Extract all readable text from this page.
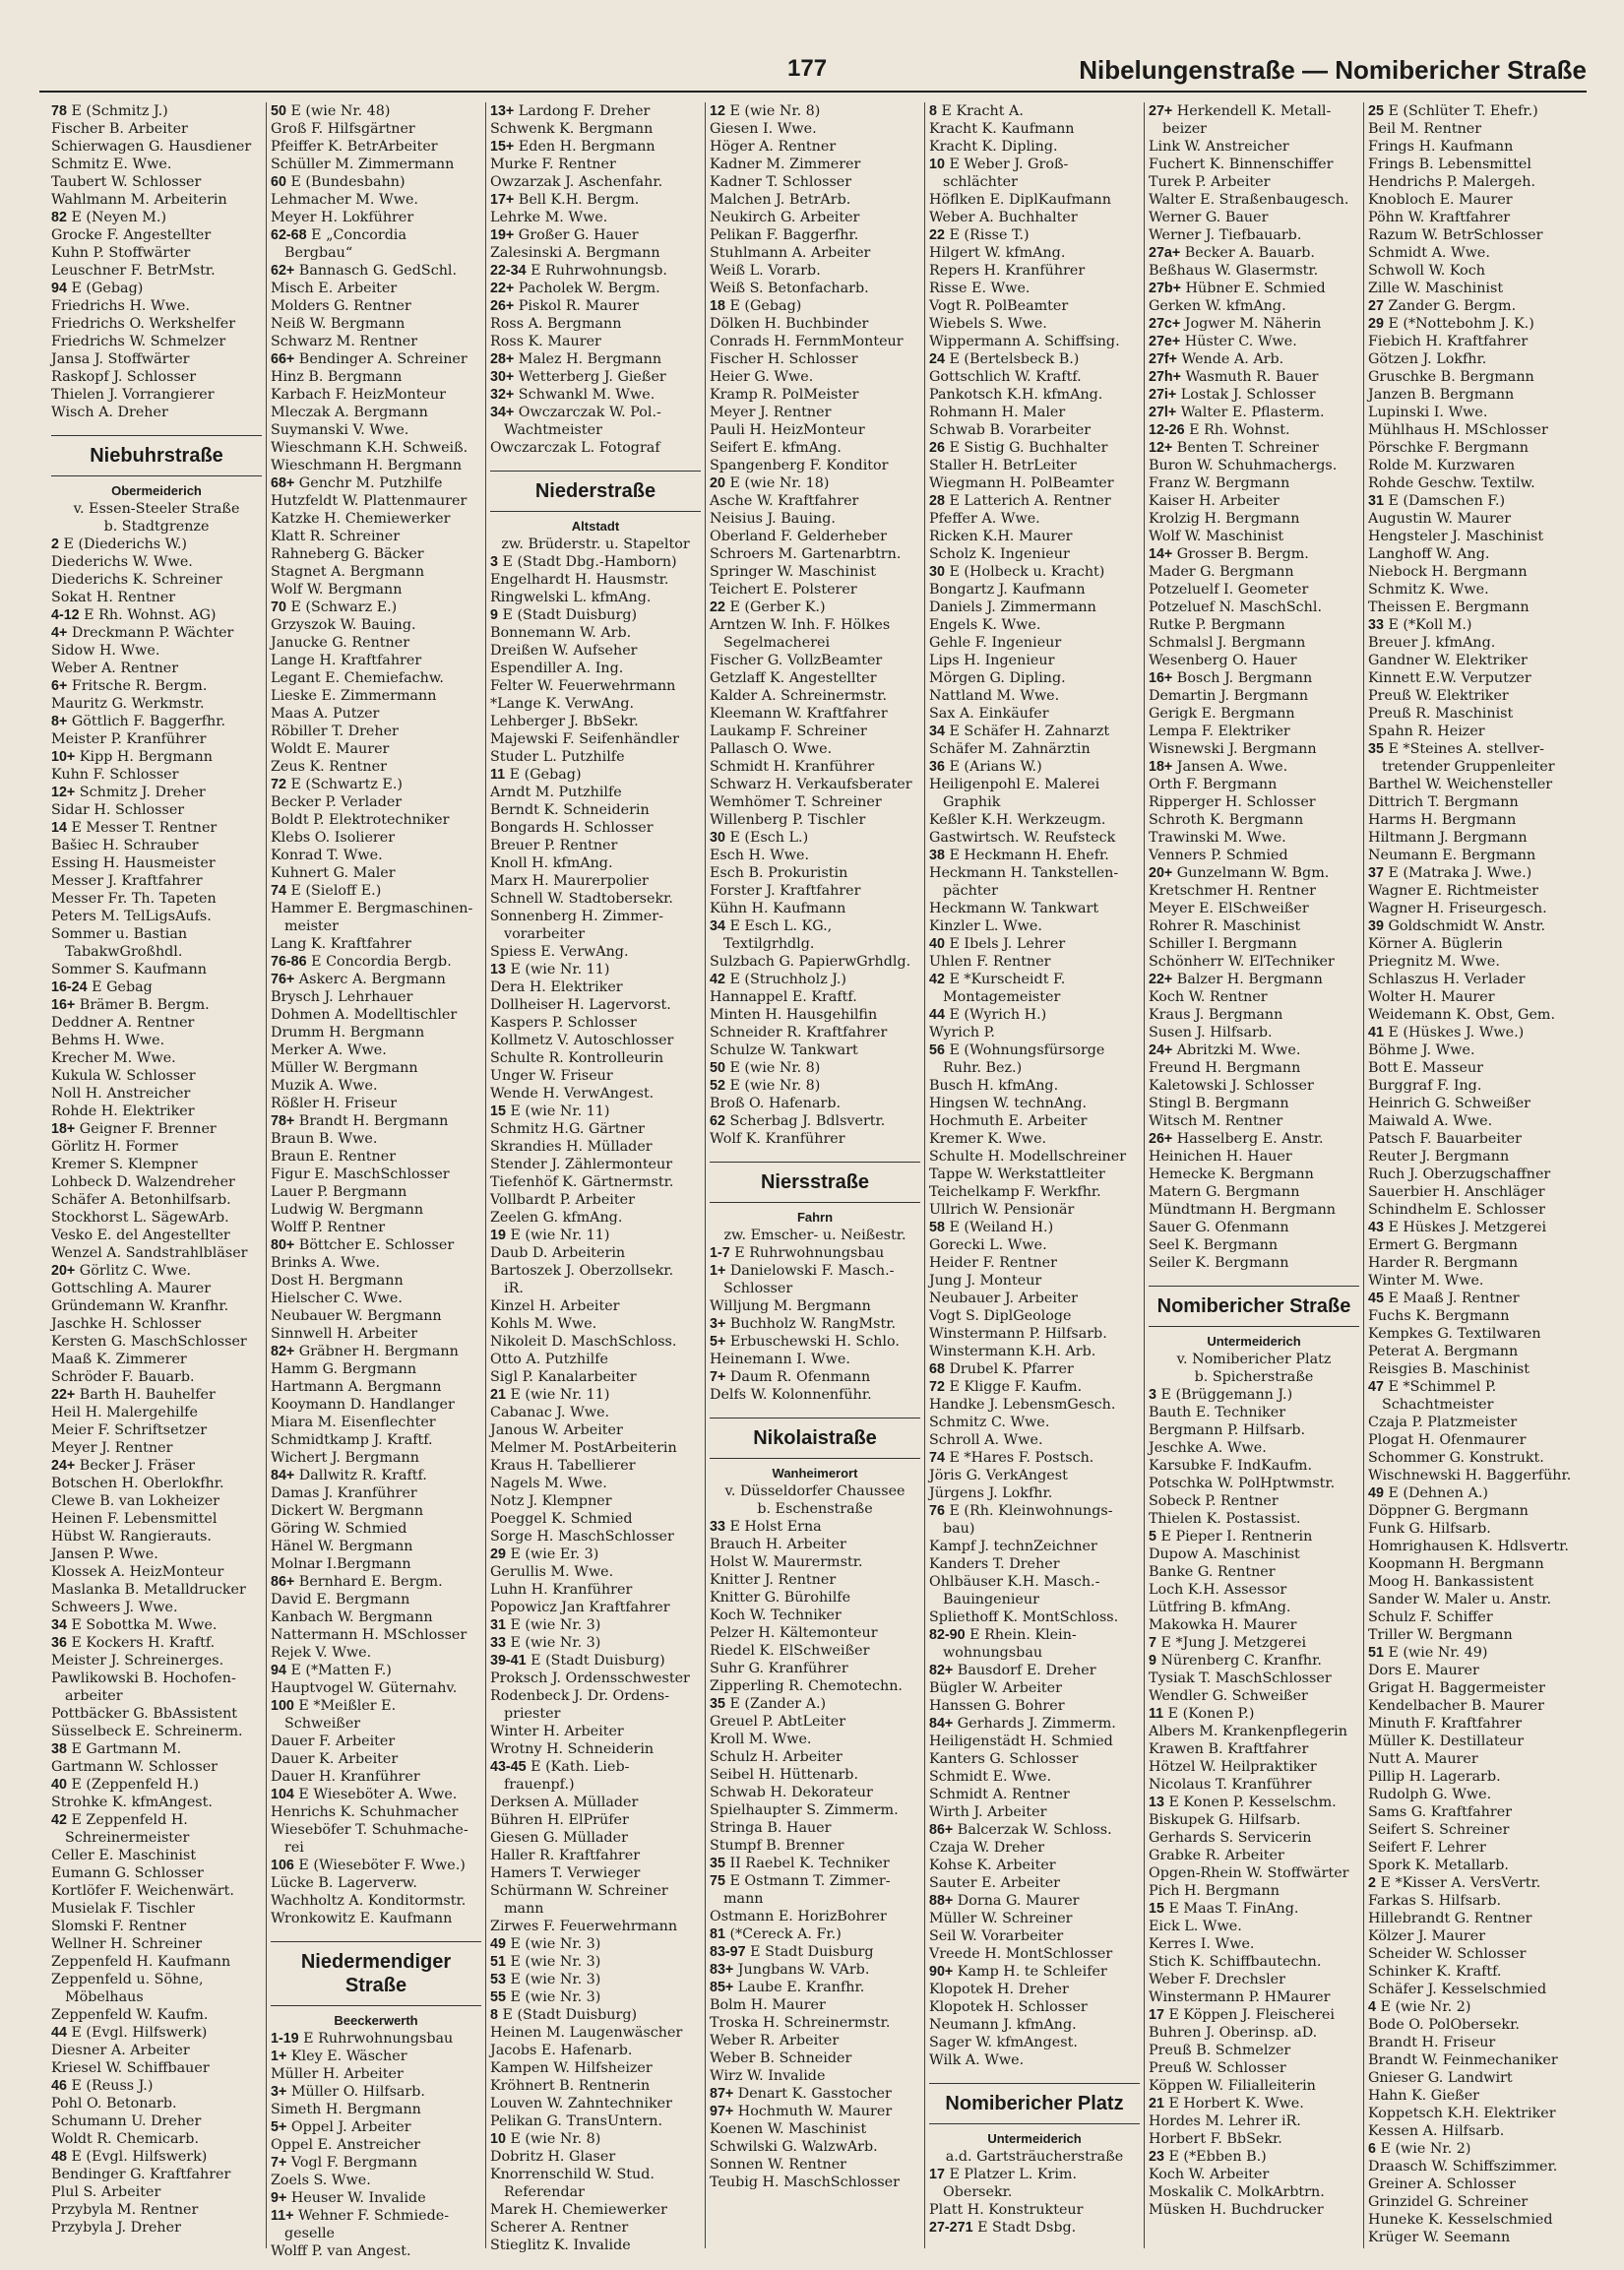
177	Nibelungenstraße — Nomibericher Straße
78 E (Schmitz J.)
Fischer B. Arbeiter
Schierwagen G. Hausdiener
Schmitz E. Wwe.
Taubert W. Schlosser
Wahlmann M. Arbeiterin
82 E (Neyen M.)
Grocke F. Angestellter
Kuhn P. Stoffwärter
Leuschner F. BetrMstr.
94 E (Gebag)
Friedrichs H. Wwe.
Friedrichs O. Werkshelfer
Friedrichs W. Schmelzer
Jansa J. Stoffwärter
Raskopf J. Schlosser
Thielen J. Vorrangierer
Wisch A. Dreher
Niebuhrstraße
Obermeiderich
v. Essen-Steeler Straße
b. Stadtgrenze
2 E (Diederichs W.)
Diederichs W. Wwe.
Diederichs K. Schreiner
Sokat H. Rentner
4-12 E Rh. Wohnst. AG)
4+ Dreckmann P. Wächter
Sidow H. Wwe.
Weber A. Rentner
6+ Fritsche R. Bergm.
Mauritz G. Werkmstr.
8+ Göttlich F. Baggerfhr.
Meister P. Kranführer
10+ Kipp H. Bergmann
Kuhn F. Schlosser
12+ Schmitz J. Dreher
Sidar H. Schlosser
14 E Messer T. Rentner
Bašiec H. Schrauber
Essing H. Hausmeister
Messer J. Kraftfahrer
Messer Fr. Th. Tapeten
Peters M. TelLigsAufs.
Sommer u. Bastian
TabakwGroßhdl.
Sommer S. Kaufmann
16-24 E Gebag
16+ Brämer B. Bergm.
Deddner A. Rentner
Behms H. Wwe.
Krecher M. Wwe.
Kukula W. Schlosser
Noll H. Anstreicher
Rohde H. Elektriker
18+ Geigner F. Brenner
Görlitz H. Former
Kremer S. Klempner
Lohbeck D. Walzendreher
Schäfer A. Betonhilfsarb.
Stockhorst L. SägewArb.
Vesko E. del Angestellter
Wenzel A. Sandstrahlbläser
20+ Görlitz C. Wwe.
Gottschling A. Maurer
Gründemann W. Kranfhr.
Jaschke H. Schlosser
Kersten G. MaschSchlosser
Maaß K. Zimmerer
Schröder F. Bauarb.
22+ Barth H. Bauhelfer
Heil H. Malergehilfe
Meier F. Schriftsetzer
Meyer J. Rentner
24+ Becker J. Fräser
Botschen H. Oberlokfhr.
Clewe B. van Lokheizer
Heinen F. Lebensmittel
Hübst W. Rangierauts.
Jansen P. Wwe.
Klossek A. HeizMonteur
Maslanka B. Metalldrucker
Schweers J. Wwe.
34 E Sobottka M. Wwe.
36 E Kockers H. Kraftf.
Meister J. Schreinerges.
Pawlikowski B. Hochofen-
arbeiter
Pottbäcker G. BbAssistent
Süsselbeck E. Schreinerm.
38 E Gartmann M.
Gartmann W. Schlosser
40 E (Zeppenfeld H.)
Strohke K. kfmAngest.
42 E Zeppenfeld H.
Schreinermeister
Celler E. Maschinist
Eumann G. Schlosser
Kortlöfer F. Weichenwärt.
Musielak F. Tischler
Slomski F. Rentner
Wellner H. Schreiner
Zeppenfeld H. Kaufmann
Zeppenfeld u. Söhne,
Möbelhaus
Zeppenfeld W. Kaufm.
44 E (Evgl. Hilfswerk)
Diesner A. Arbeiter
Kriesel W. Schiffbauer
46 E (Reuss J.)
Pohl O. Betonarb.
Schumann U. Dreher
Woldt R. Chemicarb.
48 E (Evgl. Hilfswerk)
Bendinger G. Kraftfahrer
Plul S. Arbeiter
Przybyla M. Rentner
Przybyla J. Dreher
50 E (wie Nr. 48)
Groß F. Hilfsgärtner
Pfeiffer K. BetrArbeiter
Schüller M. Zimmermann
60 E (Bundesbahn)
Lehmacher M. Wwe.
Meyer H. Lokführer
62-68 E „Concordia
Bergbau“
62+ Bannasch G. GedSchl.
Misch E. Arbeiter
Molders G. Rentner
Neiß W. Bergmann
Schwarz M. Rentner
66+ Bendinger A. Schreiner
Hinz B. Bergmann
Karbach F. HeizMonteur
Mleczak A. Bergmann
Suymanski V. Wwe.
Wieschmann K.H. Schweiß.
Wieschmann H. Bergmann
68+ Genchr M. Putzhilfe
Hutzfeldt W. Plattenmaurer
Katzke H. Chemiewerker
Klatt R. Schreiner
Rahneberg G. Bäcker
Stagnet A. Bergmann
Wolf W. Bergmann
70 E (Schwarz E.)
Grzyszok W. Bauing.
Janucke G. Rentner
Lange H. Kraftfahrer
Legant E. Chemiefachw.
Lieske E. Zimmermann
Maas A. Putzer
Röbiller T. Dreher
Woldt E. Maurer
Zeus K. Rentner
72 E (Schwartz E.)
Becker P. Verlader
Boldt P. Elektrotechniker
Klebs O. Isolierer
Konrad T. Wwe.
Kuhnert G. Maler
74 E (Sieloff E.)
Hammer E. Bergmaschinen-
meister
Lang K. Kraftfahrer
76-86 E Concordia Bergb.
76+ Askerc A. Bergmann
Brysch J. Lehrhauer
Dohmen A. Modelltischler
Drumm H. Bergmann
Merker A. Wwe.
Müller W. Bergmann
Muzik A. Wwe.
Rößler H. Friseur
78+ Brandt H. Bergmann
Braun B. Wwe.
Braun E. Rentner
Figur E. MaschSchlosser
Lauer P. Bergmann
Ludwig W. Bergmann
Wolff P. Rentner
80+ Böttcher E. Schlosser
Brinks A. Wwe.
Dost H. Bergmann
Hielscher C. Wwe.
Neubauer W. Bergmann
Sinnwell H. Arbeiter
82+ Gräbner H. Bergmann
Hamm G. Bergmann
Hartmann A. Bergmann
Kooymann D. Handlanger
Miara M. Eisenflechter
Schmidtkamp J. Kraftf.
Wichert J. Bergmann
84+ Dallwitz R. Kraftf.
Damas J. Kranführer
Dickert W. Bergmann
Göring W. Schmied
Hänel W. Bergmann
Molnar I.Bergmann
86+ Bernhard E. Bergm.
David E. Bergmann
Kanbach W. Bergmann
Nattermann H. MSchlosser
Rejek V. Wwe.
94 E (*Matten F.)
Hauptvogel W. Güternahv.
100 E *Meißler E.
Schweißer
Dauer F. Arbeiter
Dauer K. Arbeiter
Dauer H. Kranführer
104 E Wieseböter A. Wwe.
Henrichs K. Schuhmacher
Wieseböfer T. Schuhmache-
rei
106 E (Wieseböter F. Wwe.)
Lücke B. Lagerverw.
Wachholtz A. Konditormstr.
Wronkowitz E. Kaufmann
Niedermendiger Straße
Beeckerwerth
1-19 E Ruhrwohnungsbau
1+ Kley E. Wäscher
Müller H. Arbeiter
3+ Müller O. Hilfsarb.
Simeth H. Bergmann
5+ Oppel J. Arbeiter
Oppel E. Anstreicher
7+ Vogl F. Bergmann
Zoels S. Wwe.
9+ Heuser W. Invalide
11+ Wehner F. Schmiede-
geselle
Wolff P. van Angest.
13+ Lardong F. Dreher
Schwenk K. Bergmann
15+ Eden H. Bergmann
Murke F. Rentner
Owzarzak J. Aschenfahr.
17+ Bell K.H. Bergm.
Lehrke M. Wwe.
19+ Großer G. Hauer
Zalesinski A. Bergmann
22-34 E Ruhrwohnungsb.
22+ Pacholek W. Bergm.
26+ Piskol R. Maurer
Ross A. Bergmann
Ross K. Maurer
28+ Malez H. Bergmann
30+ Wetterberg J. Gießer
32+ Schwankl M. Wwe.
34+ Owczarczak W. Pol.-
Wachtmeister
Owczarczak L. Fotograf
Niederstraße
Altstadt
zw. Brüderstr. u. Stapeltor
3 E (Stadt Dbg.-Hamborn)
Engelhardt H. Hausmstr.
Ringwelski L. kfmAng.
9 E (Stadt Duisburg)
Bonnemann W. Arb.
Dreißen W. Aufseher
Espendiller A. Ing.
Felter W. Feuerwehrmann
*Lange K. VerwAng.
Lehberger J. BbSekr.
Majewski F. Seifenhändler
Studer L. Putzhilfe
11 E (Gebag)
Arndt M. Putzhilfe
Berndt K. Schneiderin
Bongards H. Schlosser
Breuer P. Rentner
Knoll H. kfmAng.
Marx H. Maurerpolier
Schnell W. Stadtobersekr.
Sonnenberg H. Zimmer-
vorarbeiter
Spiess E. VerwAng.
13 E (wie Nr. 11)
Dera H. Elektriker
Dollheiser H. Lagervorst.
Kaspers P. Schlosser
Kollmetz V. Autoschlosser
Schulte R. Kontrolleurin
Unger W. Friseur
Wende H. VerwAngest.
15 E (wie Nr. 11)
Schmitz H.G. Gärtner
Skrandies H. Müllader
Stender J. Zählermonteur
Tiefenhöf K. Gärtnermstr.
Vollbardt P. Arbeiter
Zeelen G. kfmAng.
19 E (wie Nr. 11)
Daub D. Arbeiterin
Bartoszek J. Oberzollsekr.
iR.
Kinzel H. Arbeiter
Kohls M. Wwe.
Nikoleit D. MaschSchloss.
Otto A. Putzhilfe
Sigl P. Kanalarbeiter
21 E (wie Nr. 11)
Cabanac J. Wwe.
Janous W. Arbeiter
Melmer M. PostArbeiterin
Kraus H. Tabellierer
Nagels M. Wwe.
Notz J. Klempner
Poeggel K. Schmied
Sorge H. MaschSchlosser
29 E (wie Er. 3)
Gerullis M. Wwe.
Luhn H. Kranführer
Popowicz Jan Kraftfahrer
31 E (wie Nr. 3)
33 E (wie Nr. 3)
39-41 E (Stadt Duisburg)
Proksch J. Ordensschwester
Rodenbeck J. Dr. Ordens-
priester
Winter H. Arbeiter
Wrotny H. Schneiderin
43-45 E (Kath. Lieb-
frauenpf.)
Derksen A. Müllader
Bühren H. ElPrüfer
Giesen G. Müllader
Haller R. Kraftfahrer
Hamers T. Verwieger
Schürmann W. Schreiner
mann
Zirwes F. Feuerwehrmann
49 E (wie Nr. 3)
51 E (wie Nr. 3)
53 E (wie Nr. 3)
55 E (wie Nr. 3)
8 E (Stadt Duisburg)
Heinen M. Laugenwäscher
Jacobs E. Hafenarb.
Kampen W. Hilfsheizer
Kröhnert B. Rentnerin
Louven W. Zahntechniker
Pelikan G. TransUntern.
10 E (wie Nr. 8)
Dobritz H. Glaser
Knorrenschild W. Stud.
Referendar
Marek H. Chemiewerker
Scherer A. Rentner
Stieglitz K. Invalide
12 E (wie Nr. 8)
Giesen I. Wwe.
Höger A. Rentner
Kadner M. Zimmerer
Kadner T. Schlosser
Malchen J. BetrArb.
Neukirch G. Arbeiter
Pelikan F. Baggerfhr.
Stuhlmann A. Arbeiter
Weiß L. Vorarb.
Weiß S. Betonfacharb.
18 E (Gebag)
Dölken H. Buchbinder
Conrads H. FernmMonteur
Fischer H. Schlosser
Heier G. Wwe.
Kramp R. PolMeister
Meyer J. Rentner
Pauli H. HeizMonteur
Seifert E. kfmAng.
Spangenberg F. Konditor
20 E (wie Nr. 18)
Asche W. Kraftfahrer
Neisius J. Bauing.
Oberland F. Gelderheber
Schroers M. Gartenarbtrn.
Springer W. Maschinist
Teichert E. Polsterer
22 E (Gerber K.)
Arntzen W. Inh. F. Hölkes
Segelmacherei
Fischer G. VollzBeamter
Getzlaff K. Angestellter
Kalder A. Schreinermstr.
Kleemann W. Kraftfahrer
Laukamp F. Schreiner
Pallasch O. Wwe.
Schmidt H. Kranführer
Schwarz H. Verkaufsberater
Wemhömer T. Schreiner
Willenberg P. Tischler
30 E (Esch L.)
Esch H. Wwe.
Esch B. Prokuristin
Forster J. Kraftfahrer
Kühn H. Kaufmann
34 E Esch L. KG.,
Textilgrhdlg.
Sulzbach G. PapierwGrhdlg.
42 E (Struchholz J.)
Hannappel E. Kraftf.
Minten H. Hausgehilfin
Schneider R. Kraftfahrer
Schulze W. Tankwart
50 E (wie Nr. 8)
52 E (wie Nr. 8)
Broß O. Hafenarb.
62 Scherbag J. Bdlsvertr.
Wolf K. Kranführer
Niersstraße
Fahrn
zw. Emscher- u. Neißestr.
1-7 E Ruhrwohnungsbau
1+ Danielowski F. Masch.-
Schlosser
Willjung M. Bergmann
3+ Buchholz W. RangMstr.
5+ Erbuschewski H. Schlo.
Heinemann I. Wwe.
7+ Daum R. Ofenmann
Delfs W. Kolonnenführ.
Nikolaistraße
Wanheimerort
v. Düsseldorfer Chaussee
b. Eschenstraße
33 E Holst Erna
Brauch H. Arbeiter
Holst W. Maurermstr.
Knitter J. Rentner
Knitter G. Bürohilfe
Koch W. Techniker
Pelzer H. Kältemonteur
Riedel K. ElSchweißer
Suhr G. Kranführer
Zipperling R. Chemotechn.
35 E (Zander A.)
Greuel P. AbtLeiter
Kroll M. Wwe.
Schulz H. Arbeiter
Seibel H. Hüttenarb.
Schwab H. Dekorateur
Spielhaupter S. Zimmerm.
Stringa B. Hauer
Stumpf B. Brenner
35 II Raebel K. Techniker
75 E Ostmann T. Zimmer-
mann
Ostmann E. HorizBohrer
81 (*Cereck A. Fr.)
83-97 E Stadt Duisburg
83+ Jungbans W. VArb.
85+ Laube E. Kranfhr.
Bolm H. Maurer
Troska H. Schreinermstr.
Weber R. Arbeiter
Weber B. Schneider
Wirz W. Invalide
87+ Denart K. Gasstocher
97+ Hochmuth W. Maurer
Koenen W. Maschinist
Schwilski G. WalzwArb.
Sonnen W. Rentner
Teubig H. MaschSchlosser
8 E Kracht A.
Kracht K. Kaufmann
Kracht K. Dipling.
10 E Weber J. Groß-
schlächter
Höflken E. DiplKaufmann
Weber A. Buchhalter
22 E (Risse T.)
Hilgert W. kfmAng.
Repers H. Kranführer
Risse E. Wwe.
Vogt R. PolBeamter
Wiebels S. Wwe.
Wippermann A. Schiffsing.
24 E (Bertelsbeck B.)
Gottschlich W. Kraftf.
Pankotsch K.H. kfmAng.
Rohmann H. Maler
Schwab B. Vorarbeiter
26 E Sistig G. Buchhalter
Staller H. BetrLeiter
Wiegmann H. PolBeamter
28 E Latterich A. Rentner
Pfeffer A. Wwe.
Ricken K.H. Maurer
Scholz K. Ingenieur
30 E (Holbeck u. Kracht)
Bongartz J. Kaufmann
Daniels J. Zimmermann
Engels K. Wwe.
Gehle F. Ingenieur
Lips H. Ingenieur
Mörgen G. Dipling.
Nattland M. Wwe.
Sax A. Einkäufer
34 E Schäfer H. Zahnarzt
Schäfer M. Zahnärztin
36 E (Arians W.)
Heiligenpohl E. Malerei
Graphik
Keßler K.H. Werkzeugm.
Gastwirtsch. W. Reufsteck
38 E Heckmann H. Ehefr.
Heckmann H. Tankstellen-
pächter
Heckmann W. Tankwart
Kinzler L. Wwe.
40 E Ibels J. Lehrer
Uhlen F. Rentner
42 E *Kurscheidt F.
Montagemeister
44 E (Wyrich H.)
Wyrich P.
56 E (Wohnungsfürsorge
Ruhr. Bez.)
Busch H. kfmAng.
Hingsen W. technAng.
Hochmuth E. Arbeiter
Kremer K. Wwe.
Schulte H. Modellschreiner
Tappe W. Werkstattleiter
Teichelkamp F. Werkfhr.
Ullrich W. Pensionär
58 E (Weiland H.)
Gorecki L. Wwe.
Heider F. Rentner
Jung J. Monteur
Neubauer J. Arbeiter
Vogt S. DiplGeologe
Winstermann P. Hilfsarb.
Winstermann K.H. Arb.
68 Drubel K. Pfarrer
72 E Kligge F. Kaufm.
Handke J. LebensmGesch.
Schmitz C. Wwe.
Schroll A. Wwe.
74 E *Hares F. Postsch.
Jöris G. VerkAngest
Jürgens J. Lokfhr.
76 E (Rh. Kleinwohnungs-
bau)
Kampf J. technZeichner
Kanders T. Dreher
Ohlbäuser K.H. Masch.-
Bauingenieur
Spliethoff K. MontSchloss.
82-90 E Rhein. Klein-
wohnungsbau
82+ Bausdorf E. Dreher
Bügler W. Arbeiter
Hanssen G. Bohrer
84+ Gerhards J. Zimmerm.
Heiligenstädt H. Schmied
Kanters G. Schlosser
Schmidt E. Wwe.
Schmidt A. Rentner
Wirth J. Arbeiter
86+ Balcerzak W. Schloss.
Czaja W. Dreher
Kohse K. Arbeiter
Sauter E. Arbeiter
88+ Dorna G. Maurer
Müller W. Schreiner
Seil W. Vorarbeiter
Vreede H. MontSchlosser
90+ Kamp H. te Schleifer
Klopotek H. Dreher
Klopotek H. Schlosser
Neumann J. kfmAng.
Sager W. kfmAngest.
Wilk A. Wwe.
Nomibericher Platz
Untermeiderich
a.d. Gartsträucherstraße
17 E Platzer L. Krim.
Obersekr.
Platt H. Konstrukteur
27-271 E Stadt Dsbg.
27+ Herkendell K. Metall-
beizer
Link W. Anstreicher
Fuchert K. Binnenschiffer
Turek P. Arbeiter
Walter E. Straßenbaugesch.
Werner G. Bauer
Werner J. Tiefbauarb.
27a+ Becker A. Bauarb.
Beßhaus W. Glasermstr.
27b+ Hübner E. Schmied
Gerken W. kfmAng.
27c+ Jogwer M. Näherin
27e+ Hüster C. Wwe.
27f+ Wende A. Arb.
27h+ Wasmuth R. Bauer
27i+ Lostak J. Schlosser
27l+ Walter E. Pflasterm.
12-26 E Rh. Wohnst.
12+ Benten T. Schreiner
Buron W. Schuhmachergs.
Franz W. Bergmann
Kaiser H. Arbeiter
Krolzig H. Bergmann
Wolf W. Maschinist
14+ Grosser B. Bergm.
Mader G. Bergmann
Potzeluelf I. Geometer
Potzeluef N. MaschSchl.
Rutke P. Bergmann
Schmalsl J. Bergmann
Wesenberg O. Hauer
16+ Bosch J. Bergmann
Demartin J. Bergmann
Gerigk E. Bergmann
Lempa F. Elektriker
Wisnewski J. Bergmann
18+ Jansen A. Wwe.
Orth F. Bergmann
Ripperger H. Schlosser
Schroth K. Bergmann
Trawinski M. Wwe.
Venners P. Schmied
20+ Gunzelmann W. Bgm.
Kretschmer H. Rentner
Meyer E. ElSchweißer
Rohrer R. Maschinist
Schiller I. Bergmann
Schönherr W. ElTechniker
22+ Balzer H. Bergmann
Koch W. Rentner
Kraus J. Bergmann
Susen J. Hilfsarb.
24+ Abritzki M. Wwe.
Freund H. Bergmann
Kaletowski J. Schlosser
Stingl B. Bergmann
Witsch M. Rentner
26+ Hasselberg E. Anstr.
Heinichen H. Hauer
Hemecke K. Bergmann
Matern G. Bergmann
Mündtmann H. Bergmann
Sauer G. Ofenmann
Seel K. Bergmann
Seiler K. Bergmann
Nomibericher Straße
Untermeiderich
v. Nomibericher Platz
b. Spicherstraße
3 E (Brüggemann J.)
Bauth E. Techniker
Bergmann P. Hilfsarb.
Jeschke A. Wwe.
Karsubke F. IndKaufm.
Potschka W. PolHptwmstr.
Sobeck P. Rentner
Thielen K. Postassist.
5 E Pieper I. Rentnerin
Dupow A. Maschinist
Banke G. Rentner
Loch K.H. Assessor
Lütfring B. kfmAng.
Makowka H. Maurer
7 E *Jung J. Metzgerei
9 Nürenberg C. Kranfhr.
Tysiak T. MaschSchlosser
Wendler G. Schweißer
11 E (Konen P.)
Albers M. Krankenpflegerin
Krawen B. Kraftfahrer
Hötzel W. Heilpraktiker
Nicolaus T. Kranführer
13 E Konen P. Kesselschm.
Biskupek G. Hilfsarb.
Gerhards S. Servicerin
Grabke R. Arbeiter
Opgen-Rhein W. Stoffwärter
Pich H. Bergmann
15 E Maas T. FinAng.
Eick L. Wwe.
Kerres I. Wwe.
Stich K. Schiffbautechn.
Weber F. Drechsler
Winstermann P. HMaurer
17 E Köppen J. Fleischerei
Buhren J. Oberinsp. aD.
Preuß B. Schmelzer
Preuß W. Schlosser
Köppen W. Filialleiterin
21 E Horbert K. Wwe.
Hordes M. Lehrer iR.
Horbert F. BbSekr.
23 E (*Ebben B.)
Koch W. Arbeiter
Moskalik C. MolkArbtrn.
Müsken H. Buchdrucker
25 E (Schlüter T. Ehefr.)
Beil M. Rentner
Frings H. Kaufmann
Frings B. Lebensmittel
Hendrichs P. Malergeh.
Knobloch E. Maurer
Pöhn W. Kraftfahrer
Razum W. BetrSchlosser
Schmidt A. Wwe.
Schwoll W. Koch
Zille W. Maschinist
27 Zander G. Bergm.
29 E (*Nottebohm J. K.)
Fiebich H. Kraftfahrer
Götzen J. Lokfhr.
Gruschke B. Bergmann
Janzen B. Bergmann
Lupinski I. Wwe.
Mühlhaus H. MSchlosser
Pörschke F. Bergmann
Rolde M. Kurzwaren
Rohde Geschw. Textilw.
31 E (Damschen F.)
Augustin W. Maurer
Hengsteler J. Maschinist
Langhoff W. Ang.
Niebock H. Bergmann
Schmitz K. Wwe.
Theissen E. Bergmann
33 E (*Koll M.)
Breuer J. kfmAng.
Gandner W. Elektriker
Kinnett E.W. Verputzer
Preuß W. Elektriker
Preuß R. Maschinist
Spahn R. Heizer
35 E *Steines A. stellver-
tretender Gruppenleiter
Barthel W. Weichensteller
Dittrich T. Bergmann
Harms H. Bergmann
Hiltmann J. Bergmann
Neumann E. Bergmann
37 E (Matraka J. Wwe.)
Wagner E. Richtmeister
Wagner H. Friseurgesch.
39 Goldschmidt W. Anstr.
Körner A. Büglerin
Priegnitz M. Wwe.
Schlaszus H. Verlader
Wolter H. Maurer
Weidemann K. Obst, Gem.
41 E (Hüskes J. Wwe.)
Böhme J. Wwe.
Bott E. Masseur
Burggraf F. Ing.
Heinrich G. Schweißer
Maiwald A. Wwe.
Patsch F. Bauarbeiter
Reuter J. Bergmann
Ruch J. Oberzugschaffner
Sauerbier H. Anschläger
Schindhelm E. Schlosser
43 E Hüskes J. Metzgerei
Ermert G. Bergmann
Harder R. Bergmann
Winter M. Wwe.
45 E Maaß J. Rentner
Fuchs K. Bergmann
Kempkes G. Textilwaren
Peterat A. Bergmann
Reisgies B. Maschinist
47 E *Schimmel P.
Schachtmeister
Czaja P. Platzmeister
Plogat H. Ofenmaurer
Schommer G. Konstrukt.
Wischnewski H. Baggerführ.
49 E (Dehnen A.)
Döppner G. Bergmann
Funk G. Hilfsarb.
Homrighausen K. Hdlsvertr.
Koopmann H. Bergmann
Moog H. Bankassistent
Sander W. Maler u. Anstr.
Schulz F. Schiffer
Triller W. Bergmann
51 E (wie Nr. 49)
Dors E. Maurer
Grigat H. Baggermeister
Kendelbacher B. Maurer
Minuth F. Kraftfahrer
Müller K. Destillateur
Nutt A. Maurer
Pillip H. Lagerarb.
Rudolph G. Wwe.
Sams G. Kraftfahrer
Seifert S. Schreiner
Seifert F. Lehrer
Spork K. Metallarb.
2 E *Kisser A. VersVertr.
Farkas S. Hilfsarb.
Hillebrandt G. Rentner
Kölzer J. Maurer
Scheider W. Schlosser
Schinker K. Kraftf.
Schäfer J. Kesselschmied
4 E (wie Nr. 2)
Bode O. PolObersekr.
Brandt H. Friseur
Brandt W. Feinmechaniker
Gnieser G. Landwirt
Hahn K. Gießer
Koppetsch K.H. Elektriker
Kessen A. Hilfsarb.
6 E (wie Nr. 2)
Draasch W. Schiffszimmer.
Greiner A. Schlosser
Grinzidel G. Schreiner
Huneke K. Kesselschmied
Krüger W. Seemann
